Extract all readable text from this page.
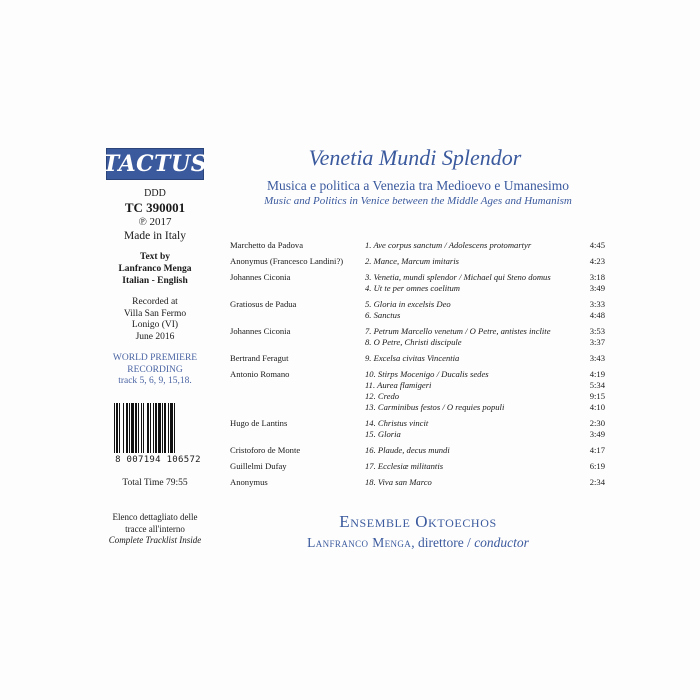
TACTUS
DDD
TC 390001
℗ 2017
Made in Italy
Text by
Lanfranco Menga
Italian - English
Recorded at
Villa San Fermo
Lonigo (VI)
June 2016
WORLD PREMIERE
RECORDING
track 5, 6, 9, 15,18.
8 007194 106572
Total Time 79:55
Elenco dettagliato delle
tracce all'interno
Complete Tracklist Inside
Venetia Mundi Splendor
Musica e politica a Venezia tra Medioevo e Umanesimo
Music and Politics in Venice between the Middle Ages and Humanism
Marchetto da Padova	1. Ave corpus sanctum / Adolescens protomartyr	4:45
Anonymus (Francesco Landini?)	2. Mance, Marcum imitaris	4:23
Johannes Ciconia	3. Venetia, mundi splendor / Michael qui Steno domus	3:18
4. Ut te per omnes coelitum	3:49
Gratiosus de Padua	5. Gloria in excelsis Deo	3:33
6. Sanctus	4:48
Johannes Ciconia	7. Petrum Marcello venetum / O Petre, antistes inclite	3:53
8. O Petre, Christi discipule	3:37
Bertrand Feragut	9. Excelsa civitas Vincentia	3:43
Antonio Romano	10. Stirps Mocenigo / Ducalis sedes	4:19
11. Aurea flamigeri	5:34
12. Credo	9:15
13. Carminibus festos / O requies populi	4:10
Hugo de Lantins	14. Christus vincit	2:30
15. Gloria	3:49
Cristoforo de Monte	16. Plaude, decus mundi	4:17
Guillelmi Dufay	17. Ecclesiæ militantis	6:19
Anonymus	18. Viva san Marco	2:34
Ensemble Oktoechos
Lanfranco Menga, direttore / conductor
